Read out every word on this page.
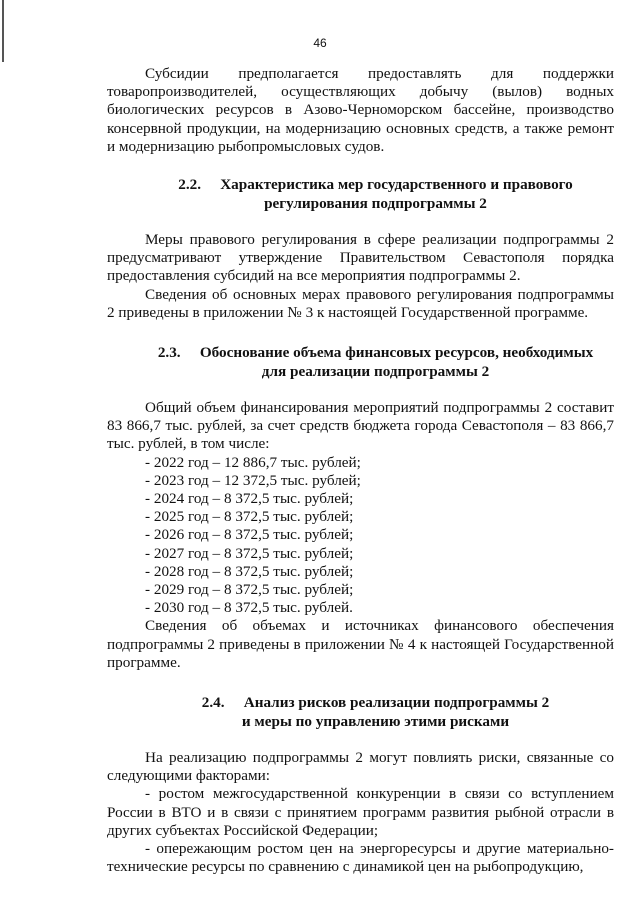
46

Субсидии предполагается предоставлять для поддержки товаропроизводителей, осуществляющих добычу (вылов) водных биологических ресурсов в Азово-Черноморском бассейне, производство консервной продукции, на модернизацию основных средств, а также ремонт и модернизацию рыбопромысловых судов.

2.2. Характеристика мер государственного и правового
регулирования подпрограммы 2

Меры правового регулирования в сфере реализации подпрограммы 2 предусматривают утверждение Правительством Севастополя порядка предоставления субсидий на все мероприятия подпрограммы 2.

Сведения об основных мерах правового регулирования подпрограммы 2 приведены в приложении № 3 к настоящей Государственной программе.

2.3. Обоснование объема финансовых ресурсов, необходимых
для реализации подпрограммы 2

Общий объем финансирования мероприятий подпрограммы 2 составит 83 866,7 тыс. рублей, за счет средств бюджета города Севастополя – 83 866,7 тыс. рублей, в том числе:

- 2022 год – 12 886,7 тыс. рублей;
- 2023 год – 12 372,5 тыс. рублей;
- 2024 год – 8 372,5 тыс. рублей;
- 2025 год – 8 372,5 тыс. рублей;
- 2026 год – 8 372,5 тыс. рублей;
- 2027 год – 8 372,5 тыс. рублей;
- 2028 год – 8 372,5 тыс. рублей;
- 2029 год – 8 372,5 тыс. рублей;
- 2030 год – 8 372,5 тыс. рублей.

Сведения об объемах и источниках финансового обеспечения подпрограммы 2 приведены в приложении № 4 к настоящей Государственной программе.

2.4. Анализ рисков реализации подпрограммы 2
и меры по управлению этими рисками

На реализацию подпрограммы 2 могут повлиять риски, связанные со следующими факторами:

- ростом межгосударственной конкуренции в связи со вступлением России в ВТО и в связи с принятием программ развития рыбной отрасли в других субъектах Российской Федерации;

- опережающим ростом цен на энергоресурсы и другие материально-технические ресурсы по сравнению с динамикой цен на рыбопродукцию,
